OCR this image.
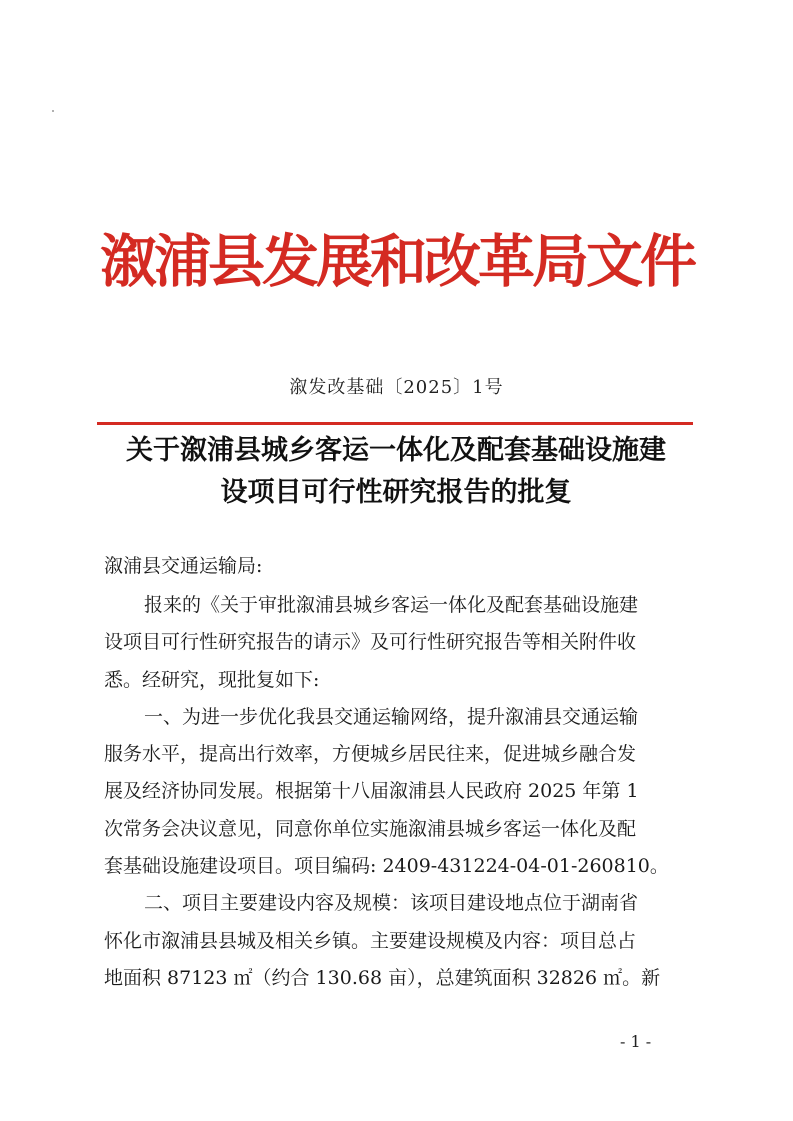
溆浦县发展和改革局文件
溆发改基础〔2025〕1号
关于溆浦县城乡客运一体化及配套基础设施建
设项目可行性研究报告的批复
溆浦县交通运输局:
报来的《关于审批溆浦县城乡客运一体化及配套基础设施建
设项目可行性研究报告的请示》及可行性研究报告等相关附件收
悉。经研究，现批复如下:
一、为进一步优化我县交通运输网络，提升溆浦县交通运输
服务水平，提高出行效率，方便城乡居民往来，促进城乡融合发
展及经济协同发展。根据第十八届溆浦县人民政府 2025 年第 1
次常务会决议意见，同意你单位实施溆浦县城乡客运一体化及配
套基础设施建设项目。项目编码: 2409-431224-04-01-260810。
二、项目主要建设内容及规模：该项目建设地点位于湖南省
怀化市溆浦县县城及相关乡镇。主要建设规模及内容：项目总占
地面积 87123 ㎡（约合 130.68 亩），总建筑面积 32826 ㎡。新
- 1 -
